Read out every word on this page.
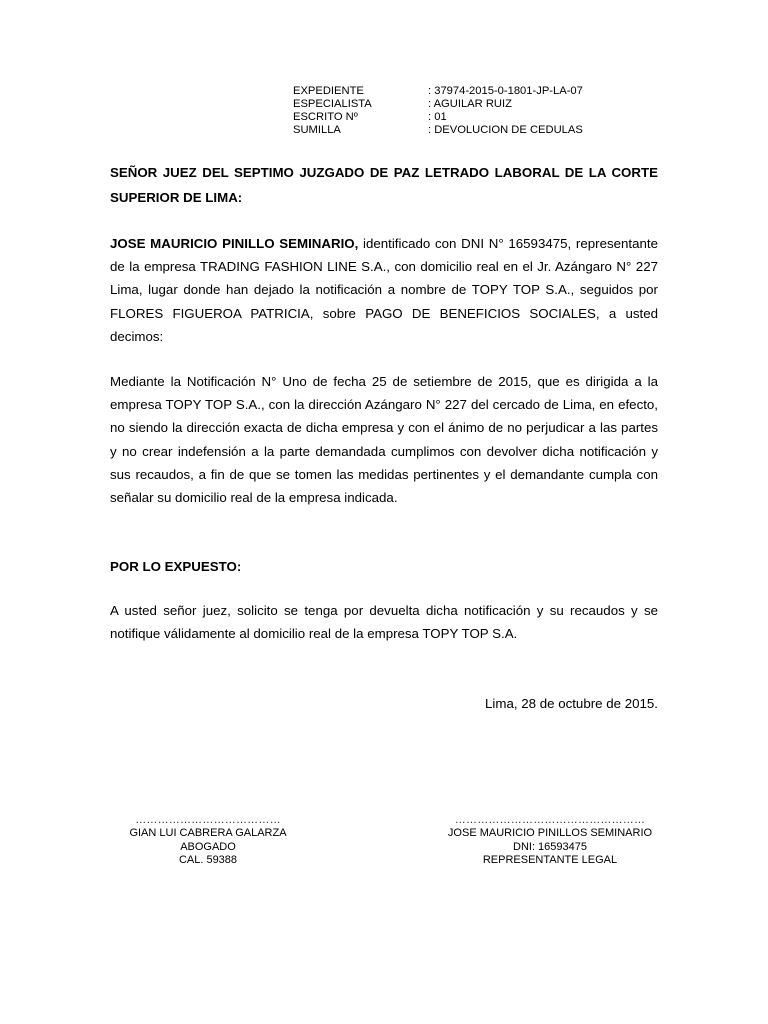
EXPEDIENTE	: 37974-2015-0-1801-JP-LA-07
ESPECIALISTA	: AGUILAR RUIZ
ESCRITO Nº	: 01
SUMILLA	: DEVOLUCION DE CEDULAS
SEÑOR JUEZ DEL SEPTIMO JUZGADO DE PAZ LETRADO LABORAL DE LA CORTE SUPERIOR DE LIMA:
JOSE MAURICIO PINILLO SEMINARIO, identificado con DNI N° 16593475, representante de la empresa TRADING FASHION LINE S.A., con domicilio real en el Jr. Azángaro N° 227 Lima, lugar donde han dejado la notificación a nombre de TOPY TOP S.A., seguidos por FLORES FIGUEROA PATRICIA, sobre PAGO DE BENEFICIOS SOCIALES, a usted decimos:
Mediante la Notificación N° Uno de fecha 25 de setiembre de 2015, que es dirigida a la empresa TOPY TOP S.A., con la dirección Azángaro N° 227 del cercado de Lima, en efecto, no siendo la dirección exacta de dicha empresa y con el ánimo de no perjudicar a las partes y no crear indefensión a la parte demandada cumplimos con devolver dicha notificación y sus recaudos, a fin de que se tomen las medidas pertinentes y el demandante cumpla con señalar su domicilio real de la empresa indicada.
POR LO EXPUESTO:
A usted señor juez, solicito se tenga por devuelta dicha notificación y su recaudos y se notifique válidamente al domicilio real de la empresa TOPY TOP S.A.
Lima, 28 de octubre de 2015.
…………………………………
GIAN LUI CABRERA GALARZA
ABOGADO
CAL. 59388
……………………………………………
JOSE MAURICIO PINILLOS SEMINARIO
DNI: 16593475
REPRESENTANTE LEGAL
